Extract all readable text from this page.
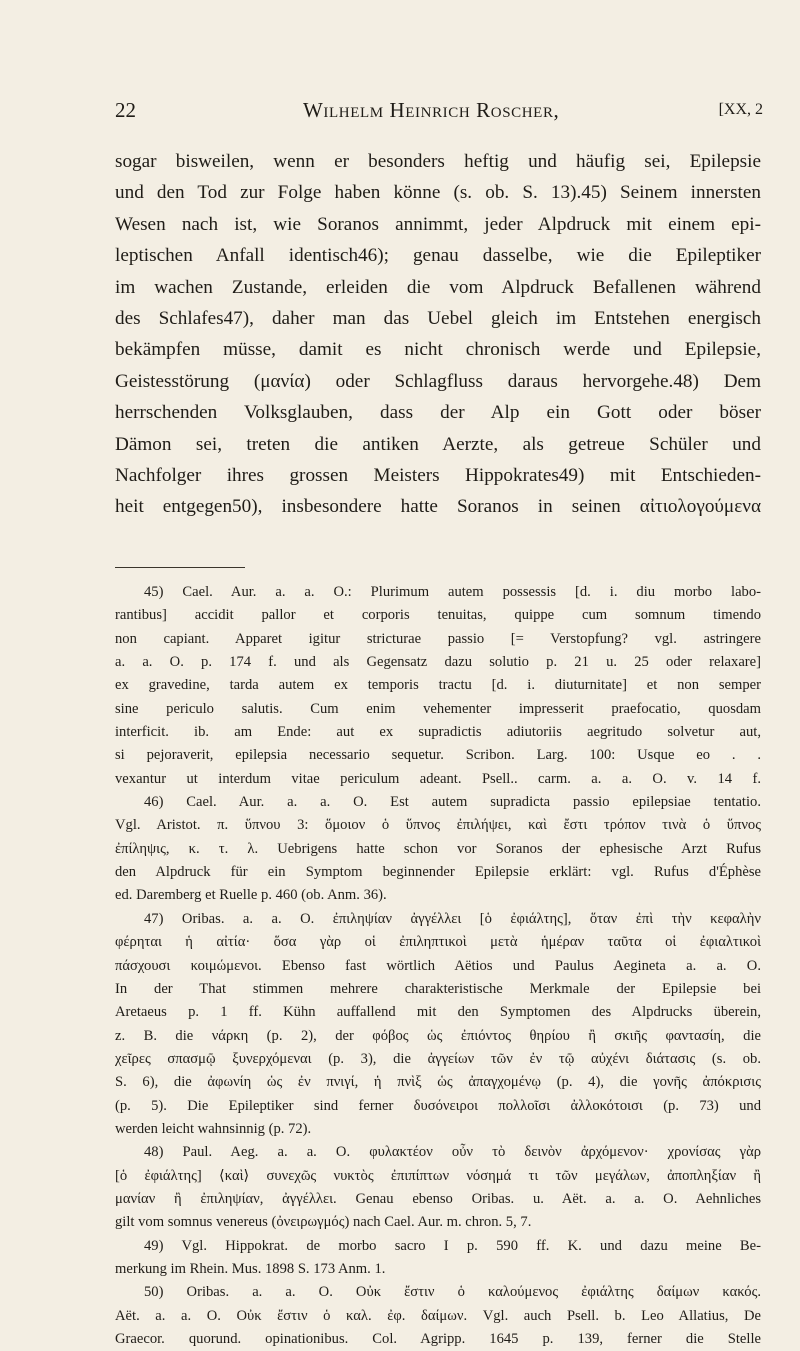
22	Wilhelm Heinrich Roscher,	[XX, 2
sogar bisweilen, wenn er besonders heftig und häufig sei, Epilepsie
und den Tod zur Folge haben könne (s. ob. S. 13).45) Seinem innersten
Wesen nach ist, wie Soranos annimmt, jeder Alpdruck mit einem epi-
leptischen Anfall identisch46); genau dasselbe, wie die Epileptiker
im wachen Zustande, erleiden die vom Alpdruck Befallenen während
des Schlafes47), daher man das Uebel gleich im Entstehen energisch
bekämpfen müsse, damit es nicht chronisch werde und Epilepsie,
Geistesstörung (μανία) oder Schlagfluss daraus hervorgehe.48) Dem
herrschenden Volksglauben, dass der Alp ein Gott oder böser
Dämon sei, treten die antiken Aerzte, als getreue Schüler und
Nachfolger ihres grossen Meisters Hippokrates49) mit Entschieden-
heit entgegen50), insbesondere hatte Soranos in seinen αἰτιολογούμενα
45) Cael. Aur. a. a. O.: Plurimum autem possessis [d. i. diu morbo labo-
rantibus] accidit pallor et corporis tenuitas, quippe cum somnum timendo
non capiant. Apparet igitur stricturae passio [= Verstopfung? vgl. astringere
a. a. O. p. 174 f. und als Gegensatz dazu solutio p. 21 u. 25 oder relaxare]
ex gravedine, tarda autem ex temporis tractu [d. i. diuturnitate] et non semper
sine periculo salutis. Cum enim vehementer impresserit praefocatio, quosdam
interficit. ib. am Ende: aut ex supradictis adiutoriis aegritudo solvetur aut,
si pejoraverit, epilepsia necessario sequetur. Scribon. Larg. 100: Usque eo . .
vexantur ut interdum vitae periculum adeant. Psell.. carm. a. a. O. v. 14 f.
46) Cael. Aur. a. a. O. Est autem supradicta passio epilepsiae tentatio.
Vgl. Aristot. π. ὕπνου 3: ὅμοιον ὁ ὕπνος ἐπιλήψει, καὶ ἔστι τρόπον τινὰ ὁ ὕπνος
ἐπίληψις, κ. τ. λ. Uebrigens hatte schon vor Soranos der ephesische Arzt Rufus
den Alpdruck für ein Symptom beginnender Epilepsie erklärt: vgl. Rufus d'Éphèse
ed. Daremberg et Ruelle p. 460 (ob. Anm. 36).
47) Oribas. a. a. O. ἐπιληψίαν ἀγγέλλει [ὁ ἐφιάλτης], ὅταν ἐπὶ τὴν κεφαλὴν
φέρηται ἡ αἰτία· ὅσα γὰρ οἱ ἐπιληπτικοὶ μετὰ ἡμέραν ταῦτα οἱ ἐφιαλτικοὶ
πάσχουσι κοιμώμενοι. Ebenso fast wörtlich Aëtios und Paulus Aegineta a. a. O.
In der That stimmen mehrere charakteristische Merkmale der Epilepsie bei
Aretaeus p. 1 ff. Kühn auffallend mit den Symptomen des Alpdrucks überein,
z. B. die νάρκη (p. 2), der φόβος ὡς ἐπιόντος θηρίου ἢ σκιῆς φαντασίη, die
χεῖρες σπασμῷ ξυνερχόμεναι (p. 3), die ἀγγείων τῶν ἐν τῷ αὐχένι διάτασις (s. ob.
S. 6), die ἀφωνίη ὡς ἐν πνιγί, ἡ πνὶξ ὡς ἀπαγχομένῳ (p. 4), die γονῆς ἀπόκρισις
(p. 5). Die Epileptiker sind ferner δυσόνειροι πολλοῖσι ἀλλοκότοισι (p. 73) und
werden leicht wahnsinnig (p. 72).
48) Paul. Aeg. a. a. O. φυλακτέον οὖν τὸ δεινὸν ἀρχόμενον· χρονίσας γὰρ
[ὁ ἐφιάλτης] ⟨καὶ⟩ συνεχῶς νυκτὸς ἐπιπίπτων νόσημά τι τῶν μεγάλων, ἀποπληξίαν ἢ
μανίαν ἢ ἐπιληψίαν, ἀγγέλλει. Genau ebenso Oribas. u. Aët. a. a. O. Aehnliches
gilt vom somnus venereus (ὀνειρωγμός) nach Cael. Aur. m. chron. 5, 7.
49) Vgl. Hippokrat. de morbo sacro I p. 590 ff. K. und dazu meine Be-
merkung im Rhein. Mus. 1898 S. 173 Anm. 1.
50) Oribas. a. a. O. Οὐκ ἔστιν ὁ καλούμενος ἐφιάλτης δαίμων κακός.
Aët. a. a. O. Οὐκ ἔστιν ὁ καλ. ἐφ. δαίμων. Vgl. auch Psell. b. Leo Allatius, De
Graecor. quorund. opinationibus. Col. Agripp. 1645 p. 139, ferner die Stelle
